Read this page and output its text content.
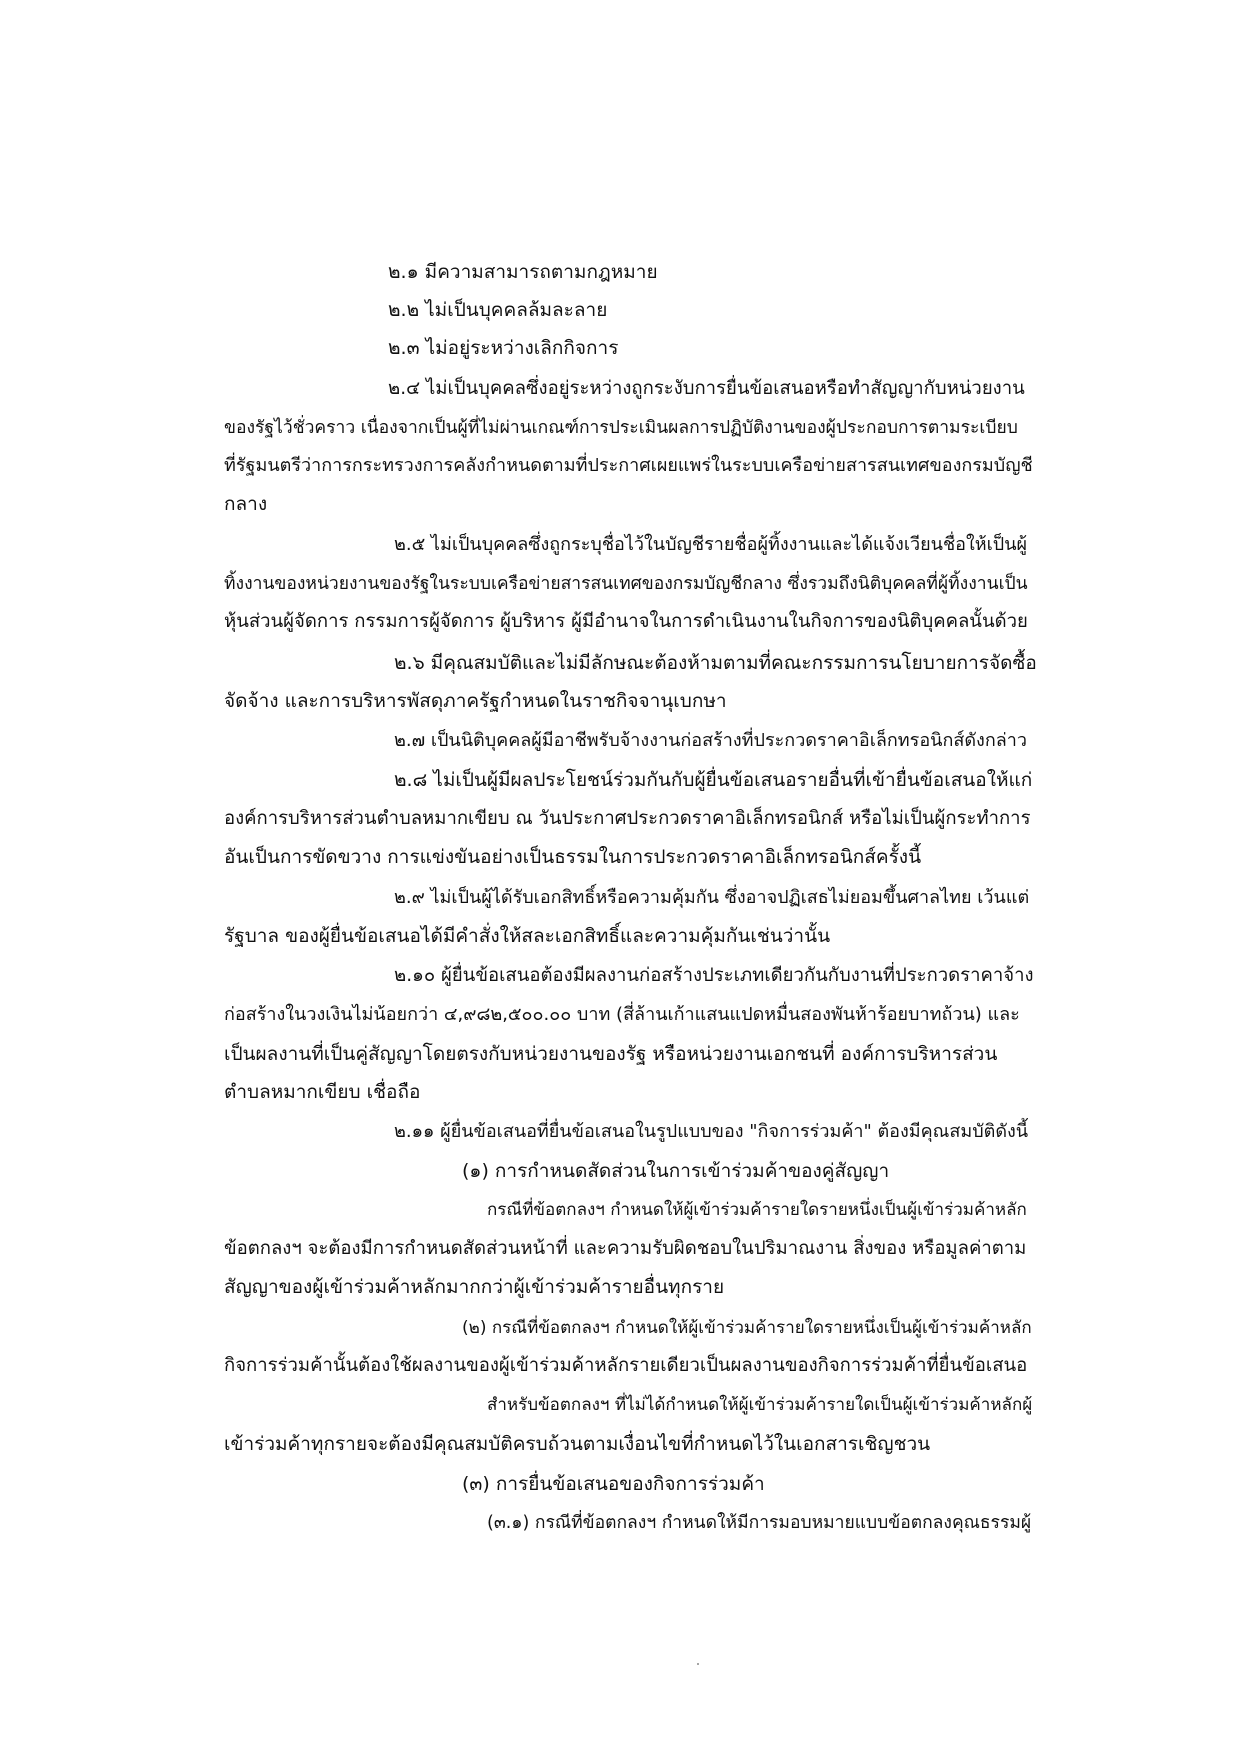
๒.๑ มีความสามารถตามกฎหมาย
๒.๒ ไม่เป็นบุคคลล้มละลาย
๒.๓ ไม่อยู่ระหว่างเลิกกิจการ
๒.๔ ไม่เป็นบุคคลซึ่งอยู่ระหว่างถูกระงับการยื่นข้อเสนอหรือทำสัญญากับหน่วยงาน
ของรัฐไว้ชั่วคราว เนื่องจากเป็นผู้ที่ไม่ผ่านเกณฑ์การประเมินผลการปฏิบัติงานของผู้ประกอบการตามระเบียบ
ที่รัฐมนตรีว่าการกระทรวงการคลังกำหนดตามที่ประกาศเผยแพร่ในระบบเครือข่ายสารสนเทศของกรมบัญชี
กลาง
๒.๕ ไม่เป็นบุคคลซึ่งถูกระบุชื่อไว้ในบัญชีรายชื่อผู้ทิ้งงานและได้แจ้งเวียนชื่อให้เป็นผู้
ทิ้งงานของหน่วยงานของรัฐในระบบเครือข่ายสารสนเทศของกรมบัญชีกลาง ซึ่งรวมถึงนิติบุคคลที่ผู้ทิ้งงานเป็น
หุ้นส่วนผู้จัดการ กรรมการผู้จัดการ ผู้บริหาร ผู้มีอำนาจในการดำเนินงานในกิจการของนิติบุคคลนั้นด้วย
๒.๖ มีคุณสมบัติและไม่มีลักษณะต้องห้ามตามที่คณะกรรมการนโยบายการจัดซื้อ
จัดจ้าง และการบริหารพัสดุภาครัฐกำหนดในราชกิจจานุเบกษา
๒.๗ เป็นนิติบุคคลผู้มีอาชีพรับจ้างงานก่อสร้างที่ประกวดราคาอิเล็กทรอนิกส์ดังกล่าว
๒.๘ ไม่เป็นผู้มีผลประโยชน์ร่วมกันกับผู้ยื่นข้อเสนอรายอื่นที่เข้ายื่นข้อเสนอให้แก่
องค์การบริหารส่วนตำบลหมากเขียบ ณ วันประกาศประกวดราคาอิเล็กทรอนิกส์ หรือไม่เป็นผู้กระทำการ
อันเป็นการขัดขวาง การแข่งขันอย่างเป็นธรรมในการประกวดราคาอิเล็กทรอนิกส์ครั้งนี้
๒.๙ ไม่เป็นผู้ได้รับเอกสิทธิ์หรือความคุ้มกัน ซึ่งอาจปฏิเสธไม่ยอมขึ้นศาลไทย เว้นแต่
รัฐบาล ของผู้ยื่นข้อเสนอได้มีคำสั่งให้สละเอกสิทธิ์และความคุ้มกันเช่นว่านั้น
๒.๑๐ ผู้ยื่นข้อเสนอต้องมีผลงานก่อสร้างประเภทเดียวกันกับงานที่ประกวดราคาจ้าง
ก่อสร้างในวงเงินไม่น้อยกว่า ๔,๙๘๒,๕๐๐.๐๐ บาท (สี่ล้านเก้าแสนแปดหมื่นสองพันห้าร้อยบาทถ้วน) และ
เป็นผลงานที่เป็นคู่สัญญาโดยตรงกับหน่วยงานของรัฐ หรือหน่วยงานเอกชนที่ องค์การบริหารส่วน
ตำบลหมากเขียบ เชื่อถือ
๒.๑๑ ผู้ยื่นข้อเสนอที่ยื่นข้อเสนอในรูปแบบของ "กิจการร่วมค้า" ต้องมีคุณสมบัติดังนี้
(๑) การกำหนดสัดส่วนในการเข้าร่วมค้าของคู่สัญญา
กรณีที่ข้อตกลงฯ กำหนดให้ผู้เข้าร่วมค้ารายใดรายหนึ่งเป็นผู้เข้าร่วมค้าหลัก
ข้อตกลงฯ จะต้องมีการกำหนดสัดส่วนหน้าที่ และความรับผิดชอบในปริมาณงาน สิ่งของ หรือมูลค่าตาม
สัญญาของผู้เข้าร่วมค้าหลักมากกว่าผู้เข้าร่วมค้ารายอื่นทุกราย
(๒) กรณีที่ข้อตกลงฯ กำหนดให้ผู้เข้าร่วมค้ารายใดรายหนึ่งเป็นผู้เข้าร่วมค้าหลัก
กิจการร่วมค้านั้นต้องใช้ผลงานของผู้เข้าร่วมค้าหลักรายเดียวเป็นผลงานของกิจการร่วมค้าที่ยื่นข้อเสนอ
สำหรับข้อตกลงฯ ที่ไม่ได้กำหนดให้ผู้เข้าร่วมค้ารายใดเป็นผู้เข้าร่วมค้าหลักผู้
เข้าร่วมค้าทุกรายจะต้องมีคุณสมบัติครบถ้วนตามเงื่อนไขที่กำหนดไว้ในเอกสารเชิญชวน
(๓) การยื่นข้อเสนอของกิจการร่วมค้า
(๓.๑) กรณีที่ข้อตกลงฯ กำหนดให้มีการมอบหมายแบบข้อตกลงคุณธรรมผู้
